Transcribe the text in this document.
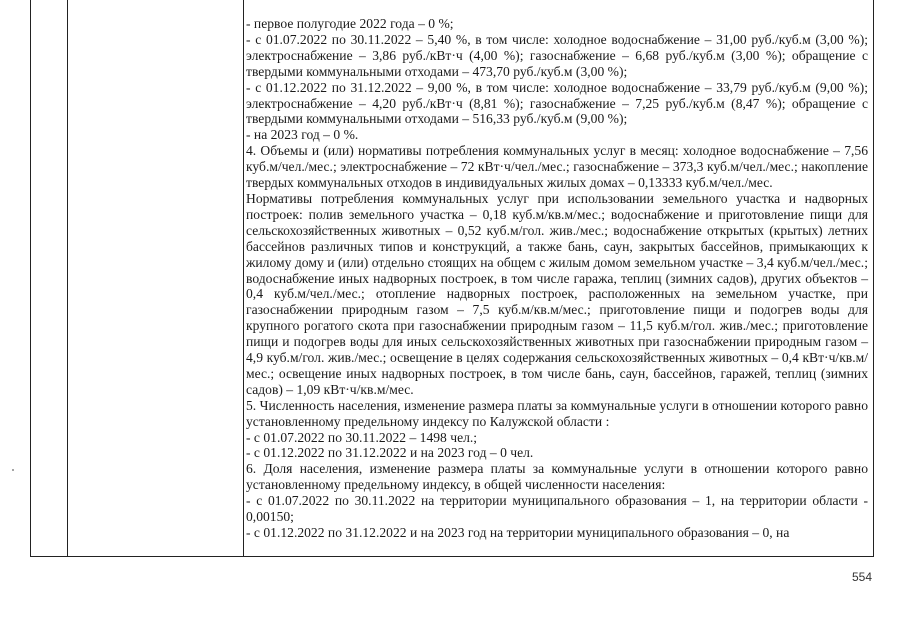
- первое полугодие 2022 года – 0 %;

- с 01.07.2022 по 30.11.2022 – 5,40 %, в том числе: холодное водоснабжение – 31,00 руб./куб.м (3,00 %); электроснабжение – 3,86 руб./кВт·ч (4,00 %); газоснабжение – 6,68 руб./куб.м (3,00 %); обращение с твердыми коммунальными отходами – 473,70 руб./куб.м (3,00 %);

- с 01.12.2022 по 31.12.2022 – 9,00 %, в том числе: холодное водоснабжение – 33,79 руб./куб.м (9,00 %); электроснабжение – 4,20 руб./кВт·ч (8,81 %); газоснабжение – 7,25 руб./куб.м (8,47 %); обращение с твердыми коммунальными отходами – 516,33 руб./куб.м (9,00 %);

- на 2023 год – 0 %.

4. Объемы и (или) нормативы потребления коммунальных услуг в месяц: холодное водоснабжение – 7,56 куб.м/чел./мес.; электроснабжение – 72 кВт·ч/чел./мес.; газоснабжение – 373,3 куб.м/чел./мес.; накопление твердых коммунальных отходов в индивидуальных жилых домах – 0,13333 куб.м/чел./мес.

Нормативы потребления коммунальных услуг при использовании земельного участка и надворных построек: полив земельного участка – 0,18 куб.м/кв.м/мес.; водоснабжение и приготовление пищи для сельскохозяйственных животных – 0,52 куб.м/гол. жив./мес.; водоснабжение открытых (крытых) летних бассейнов различных типов и конструкций, а также бань, саун, закрытых бассейнов, примыкающих к жилому дому и (или) отдельно стоящих на общем с жилым домом земельном участке – 3,4 куб.м/чел./мес.; водоснабжение иных надворных построек, в том числе гаража, теплиц (зимних садов), других объектов – 0,4 куб.м/чел./мес.; отопление надворных построек, расположенных на земельном участке, при газоснабжении природным газом – 7,5 куб.м/кв.м/мес.; приготовление пищи и подогрев воды для крупного рогатого скота при газоснабжении природным газом – 11,5 куб.м/гол. жив./мес.; приготовление пищи и подогрев воды для иных сельскохозяйственных животных при газоснабжении природным газом – 4,9 куб.м/гол. жив./мес.; освещение в целях содержания сельскохозяйственных животных – 0,4 кВт·ч/кв.м/мес.; освещение иных надворных построек, в том числе бань, саун, бассейнов, гаражей, теплиц (зимних садов) – 1,09 кВт·ч/кв.м/мес.

5. Численность населения, изменение размера платы за коммунальные услуги в отношении которого равно установленному предельному индексу по Калужской области :

- с 01.07.2022 по 30.11.2022 – 1498 чел.;

- с 01.12.2022 по 31.12.2022 и на 2023 год – 0 чел.

6. Доля населения, изменение размера платы за коммунальные услуги в отношении которого равно установленному предельному индексу, в общей численности населения:

- с 01.07.2022 по 30.11.2022 на территории муниципального образования – 1, на территории области - 0,00150;

- с 01.12.2022 по 31.12.2022 и на 2023 год на территории муниципального образования – 0, на

554
